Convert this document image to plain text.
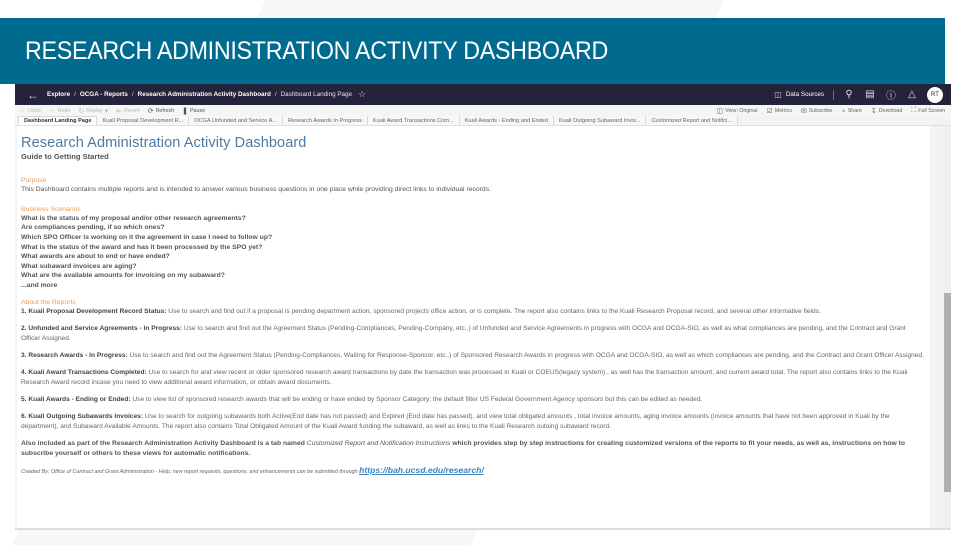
RESEARCH ADMINISTRATION ACTIVITY DASHBOARD
← Explore / OCGA - Reports / Research Administration Activity Dashboard / Dashboard Landing Page ☆	◫ Data Sources ⚲ ▤ ⓘ △	RT
← Undo → Redo ↻ Replay ▾ ⇤ Revert ⟳ Refresh ❚ Pause	◫ View: Original ☑ Metrics ✉ Subscribe ∘ Share ↧ Download ⛶ Full Screen
Dashboard Landing Page	Kuali Proposal Development R...	OCGA Unfunded and Service A...	Research Awards In Progress	Kuali Award Transactions Com...	Kuali Awards - Ending and Ended	Kuali Outgoing Subaward Invoi...	Customized Report and Notifci...
Research Administration Activity Dashboard
Guide to Getting Started
Purpose
This Dashboard contains multiple reports and is intended to answer various business questions in one place while providing direct links to individual records.
Business Scenarios
What is the status of my proposal and/or other research agreements?
Are compliances pending, if so which ones?
Which SPO Officer is working on it the agreement in case I need to follow up?
What is the status of the award and has it been processed by the SPO yet?
What awards are about to end or have ended?
What subaward invoices are aging?
What are the available amounts for invoicing on my subaward?
...and more
About the Reports
1. Kuali Proposal Development Record Status: Use to search and find out if a proposal is pending department action, sponsored projects office action, or is complete. The report also contains links to the Kuali Research Proposal record, and several other informative fields.
2. Unfunded and Service Agreements - In Progress: Use to search and find out the Agreement Status (Pending-Compliances, Pending-Company, etc..) of Unfunded and Service Agreements in progress with OCGA and OCGA-SIO, as well as what compliances are pending, and the Contract and Grant Officer Assigned.
3. Research Awards - In Progress: Use to search and find out the Agreement Status (Pending-Compliances, Waiting for Response-Sponsor, etc..) of Sponsored Research Awards in progress with OCGA and OCGA-SIO, as well as which compliances are pending, and the Contract and Grant Officer Assigned.
4. Kuali Award Transactions Completed: Use to search for and view recent or older sponsored research award transactions by date the transaction was processed in Kuali or COEUS(legacy system) , as well has the transaction amount, and current award total. The report also contains links to the Kuali Research Award record incase you need to view additional award information, or obtain award documents.
5. Kuali Awards - Ending or Ended: Use to view list of sponsored research awards that will be ending or have ended by Sponsor Category; the default filter US Federal Government Agency sponsors but this can be edited as needed.
6. Kuali Outgoing Subawards Invoices: Use to search for outgoing subawards both Active(End date has not passed) and Expired (End date has passed), and view total obligated amounts , total invoice amounts, aging invoice amounts (invoice amounts that have not been approved in Kuali by the department), and Subaward Available Amounts. The report also contains Total Obligated Amount of the Kuali Award funding the subaward, as well as links to the Kuali Research outoing subaward record.
Also included as part of the Research Administration Activity Dashboard is a tab named Customized Report and Notification Instructions which provides step by step instructions for creating customized versions of the reports to fit your needs, as well as, instructions on how to subscribe yourself or others to these views for automatic notifications.
Created By: Office of Contract and Grant Administration - Help, new report requests, questions, and enhancements can be submitted through https://bah.ucsd.edu/research/
